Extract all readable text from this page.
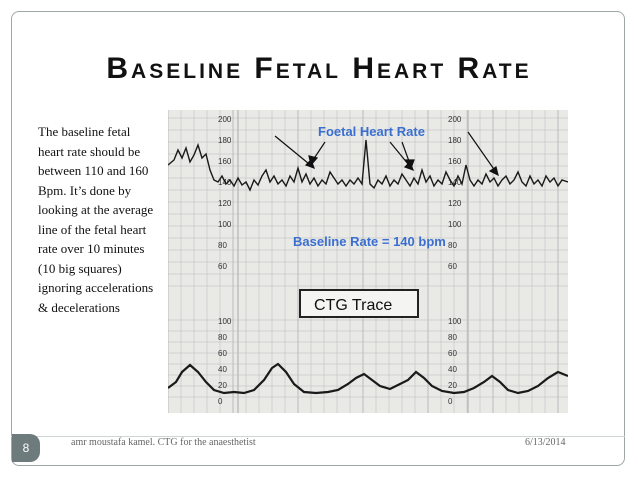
Baseline Fetal Heart Rate
The baseline fetal heart rate should be between 110 and 160 Bpm. It’s done by looking at the average line of the fetal heart rate over 10 minutes (10 big squares) ignoring accelerations & decelerations
200
180
160
140
120
100
80
60
100
80
60
40
20
0
200
180
160
140
120
100
80
60
100
80
60
40
20
0
Foetal Heart Rate
Baseline Rate = 140 bpm
CTG Trace
8	amr moustafa kamel. CTG for the anaesthetist	6/13/2014
